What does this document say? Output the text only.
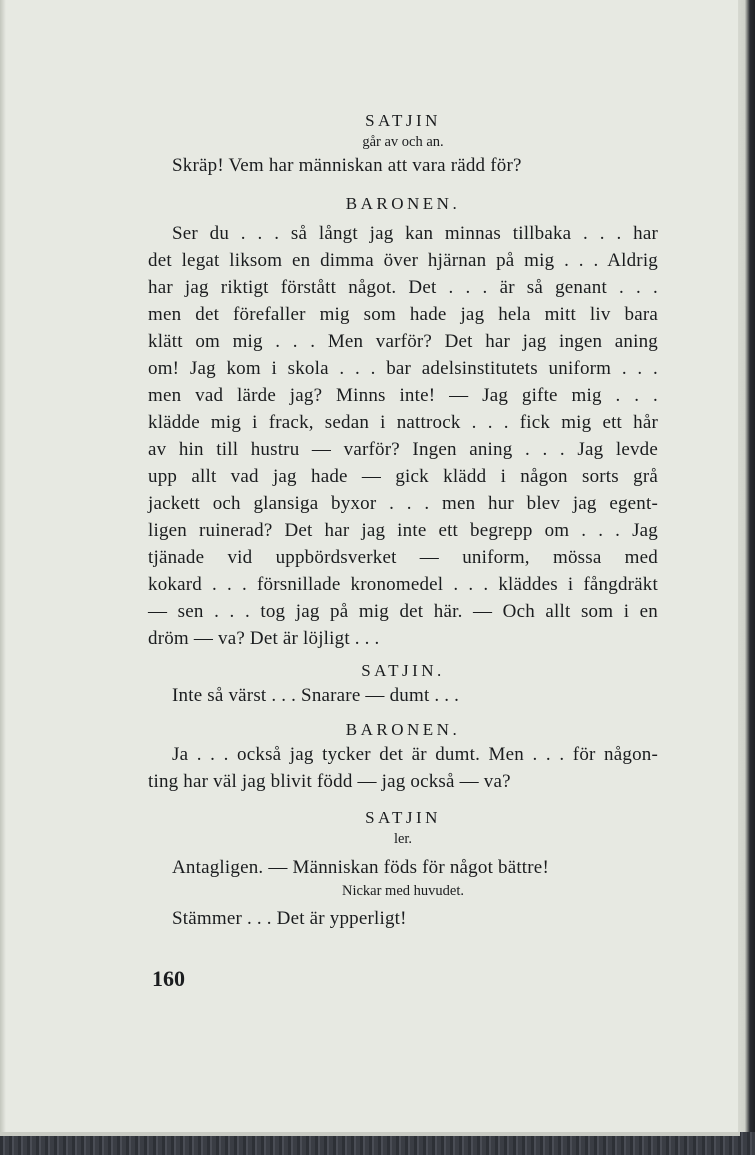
SATJIN
går av och an.
Skräp! Vem har människan att vara rädd för?
BARONEN.
Ser du . . . så långt jag kan minnas tillbaka . . . har
det legat liksom en dimma över hjärnan på mig . . . Aldrig
har jag riktigt förstått något. Det . . . är så genant . . .
men det förefaller mig som hade jag hela mitt liv bara
klätt om mig . . . Men varför? Det har jag ingen aning
om! Jag kom i skola . . . bar adelsinstitutets uniform . . .
men vad lärde jag? Minns inte! — Jag gifte mig . . .
klädde mig i frack, sedan i nattrock . . . fick mig ett hår
av hin till hustru — varför? Ingen aning . . . Jag levde
upp allt vad jag hade — gick klädd i någon sorts grå
jackett och glansiga byxor . . . men hur blev jag egent-
ligen ruinerad? Det har jag inte ett begrepp om . . . Jag
tjänade vid uppbördsverket — uniform, mössa med
kokard . . . försnillade kronomedel . . . kläddes i fångdräkt
— sen . . . tog jag på mig det här. — Och allt som i en
dröm — va? Det är löjligt . . .
SATJIN.
Inte så värst . . . Snarare — dumt . . .
BARONEN.
Ja . . . också jag tycker det är dumt. Men . . . för någon-
ting har väl jag blivit född — jag också — va?
SATJIN
ler.
Antagligen. — Människan föds för något bättre!
Nickar med huvudet.
Stämmer . . . Det är ypperligt!
160
